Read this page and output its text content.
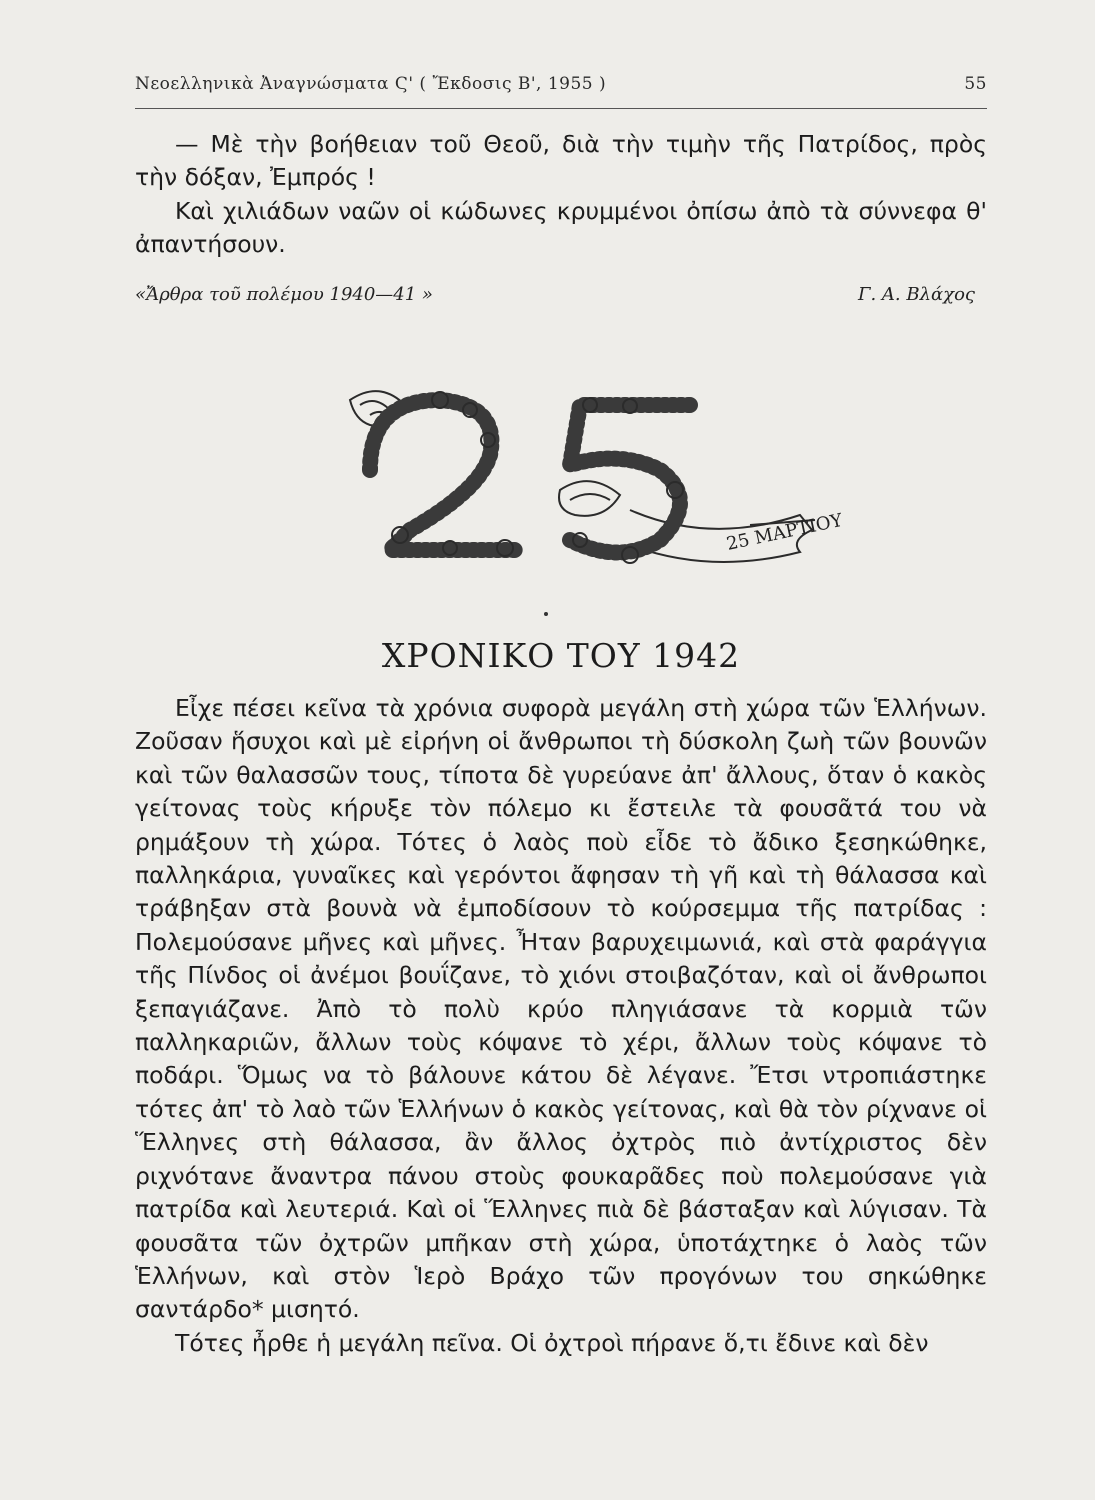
Νεοελληνικὰ Ἀναγνώσματα Ϛ' ( Ἔκδοσις Β', 1955 )	55

— Μὲ τὴν βοήθειαν τοῦ Θεοῦ, διὰ τὴν τιμὴν τῆς Πατρίδος, πρὸς τὴν δόξαν, Ἐμπρός !

Καὶ χιλιάδων ναῶν οἱ κώδωνες κρυμμένοι ὀπίσω ἀπὸ τὰ σύννεφα θ' ἀπαντήσουν.

«Ἄρθρα τοῦ πολέμου 1940—41 »	Γ. Α. Βλάχος
25 ΜΑΡΤΙΟΥ
ΧΡΟΝΙΚΟ ΤΟΥ 1942

Εἶχε πέσει κεῖνα τὰ χρόνια συφορὰ μεγάλη στὴ χώρα τῶν Ἑλλήνων. Ζοῦσαν ἥσυχοι καὶ μὲ εἰρήνη οἱ ἄνθρωποι τὴ δύσκολη ζωὴ τῶν βουνῶν καὶ τῶν θαλασσῶν τους, τίποτα δὲ γυρεύανε ἀπ' ἄλλους, ὅταν ὁ κακὸς γείτονας τοὺς κήρυξε τὸν πόλεμο κι ἔστειλε τὰ φουσᾶτά του νὰ ρημάξουν τὴ χώρα. Τότες ὁ λαὸς ποὺ εἶδε τὸ ἄδικο ξεσηκώθηκε, παλληκάρια, γυναῖκες καὶ γερόντοι ἄφησαν τὴ γῆ καὶ τὴ θάλασσα καὶ τράβηξαν στὰ βουνὰ νὰ ἐμποδίσουν τὸ κούρσεμμα τῆς πατρίδας : Πολεμούσανε μῆνες καὶ μῆνες. Ἦταν βαρυχειμωνιά, καὶ στὰ φαράγγια τῆς Πίνδος οἱ ἀνέμοι βουΐζανε, τὸ χιόνι στοιβαζόταν, καὶ οἱ ἄνθρωποι ξεπαγιάζανε. Ἀπὸ τὸ πολὺ κρύο πληγιάσανε τὰ κορμιὰ τῶν παλληκαριῶν, ἄλλων τοὺς κόψανε τὸ χέρι, ἄλλων τοὺς κόψανε τὸ ποδάρι. Ὅμως να τὸ βάλουνε κάτου δὲ λέγανε. Ἔτσι ντροπιάστηκε τότες ἀπ' τὸ λαὸ τῶν Ἑλλήνων ὁ κακὸς γείτονας, καὶ θὰ τὸν ρίχνανε οἱ Ἕλληνες στὴ θάλασσα, ἂν ἄλλος ὀχτρὸς πιὸ ἀντίχριστος δὲν ριχνότανε ἄναντρα πάνου στοὺς φουκαρᾶδες ποὺ πολεμούσανε γιὰ πατρίδα καὶ λευτεριά. Καὶ οἱ Ἕλληνες πιὰ δὲ βάσταξαν καὶ λύγισαν. Τὰ φουσᾶτα τῶν ὀχτρῶν μπῆκαν στὴ χώρα, ὑποτάχτηκε ὁ λαὸς τῶν Ἑλλήνων, καὶ στὸν Ἱερὸ Βράχο τῶν προγόνων του σηκώθηκε σαντάρδο* μισητό.

Τότες ἦρθε ἡ μεγάλη πεῖνα. Οἱ ὀχτροὶ πήρανε ὅ,τι ἔδινε καὶ δὲν
